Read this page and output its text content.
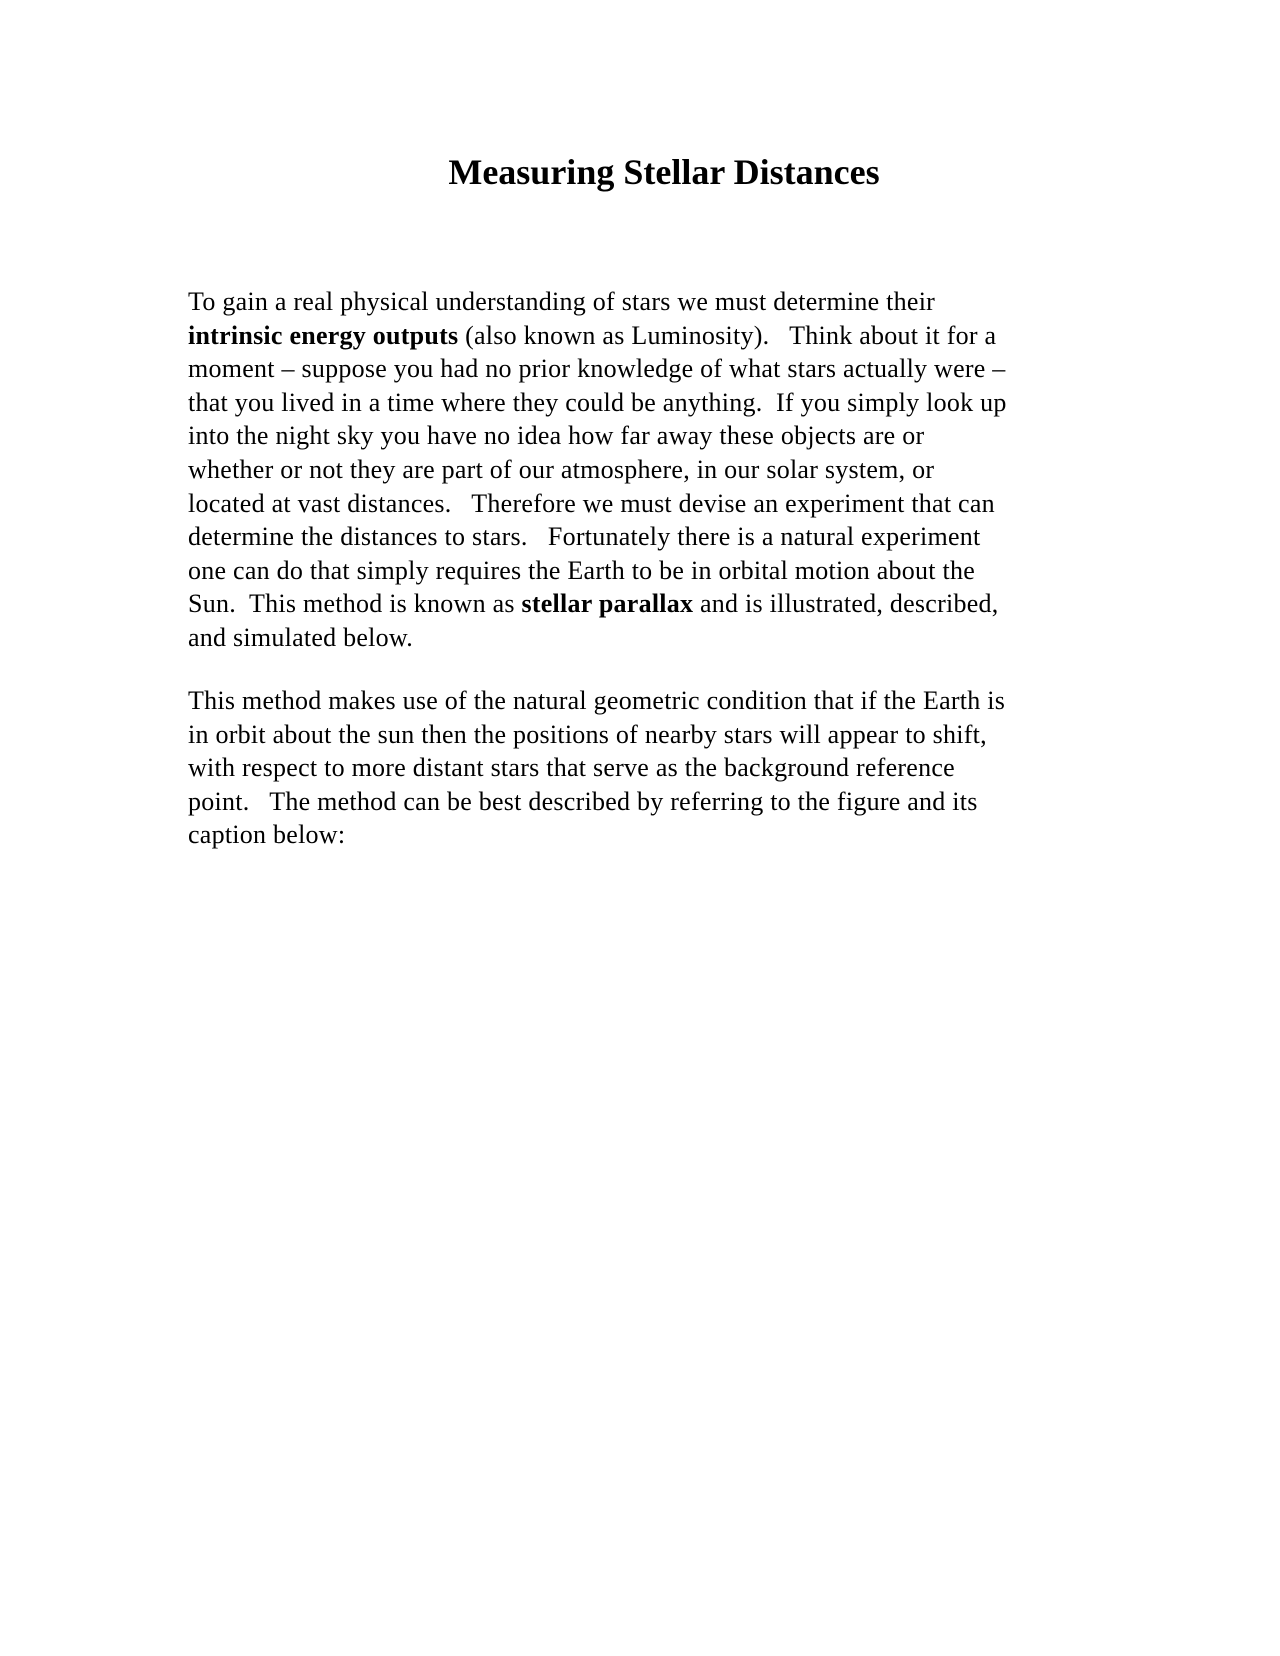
Measuring Stellar Distances

To gain a real physical understanding of stars we must determine their
intrinsic energy outputs (also known as Luminosity).   Think about it for a
moment – suppose you had no prior knowledge of what stars actually were –
that you lived in a time where they could be anything.  If you simply look up
into the night sky you have no idea how far away these objects are or
whether or not they are part of our atmosphere, in our solar system, or
located at vast distances.   Therefore we must devise an experiment that can
determine the distances to stars.   Fortunately there is a natural experiment
one can do that simply requires the Earth to be in orbital motion about the
Sun.  This method is known as stellar parallax and is illustrated, described,
and simulated below.

This method makes use of the natural geometric condition that if the Earth is
in orbit about the sun then the positions of nearby stars will appear to shift,
with respect to more distant stars that serve as the background reference
point.   The method can be best described by referring to the figure and its
caption below:
